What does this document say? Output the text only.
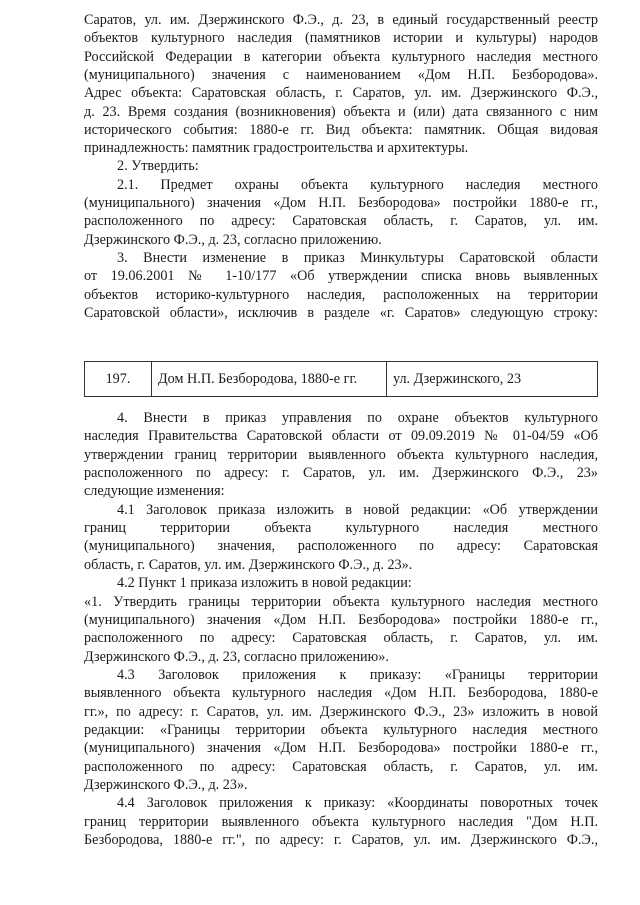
Саратов, ул. им. Дзержинского Ф.Э., д. 23, в единый государственный реестр
объектов культурного наследия (памятников истории и культуры) народов
Российской Федерации в категории объекта культурного наследия местного
(муниципального) значения с наименованием «Дом Н.П. Безбородова».
Адрес объекта: Саратовская область, г. Саратов, ул. им. Дзержинского Ф.Э.,
д. 23. Время создания (возникновения) объекта и (или) дата связанного с ним
исторического события: 1880-е гг. Вид объекта: памятник. Общая видовая
принадлежность: памятник градостроительства и архитектуры.
2. Утвердить:
2.1. Предмет охраны объекта культурного наследия местного
(муниципального) значения «Дом Н.П. Безбородова» постройки 1880-е гг.,
расположенного по адресу: Саратовская область, г. Саратов, ул. им.
Дзержинского Ф.Э., д. 23, согласно приложению.
3. Внести изменение в приказ Минкультуры Саратовской области
от 19.06.2001 № 1-10/177 «Об утверждении списка вновь выявленных
объектов историко-культурного наследия, расположенных на территории
Саратовской области», исключив в разделе «г. Саратов» следующую строку:
197.	Дом Н.П. Безбородова, 1880-е гг.	ул. Дзержинского, 23
4. Внести в приказ управления по охране объектов культурного
наследия Правительства Саратовской области от 09.09.2019 № 01-04/59 «Об
утверждении границ территории выявленного объекта культурного наследия,
расположенного по адресу: г. Саратов, ул. им. Дзержинского Ф.Э., 23»
следующие изменения:
4.1 Заголовок приказа изложить в новой редакции: «Об утверждении
границ территории объекта культурного наследия местного
(муниципального) значения, расположенного по адресу: Саратовская
область, г. Саратов, ул. им. Дзержинского Ф.Э., д. 23».
4.2 Пункт 1 приказа изложить в новой редакции:
«1. Утвердить границы территории объекта культурного наследия местного
(муниципального) значения «Дом Н.П. Безбородова» постройки 1880-е гг.,
расположенного по адресу: Саратовская область, г. Саратов, ул. им.
Дзержинского Ф.Э., д. 23, согласно приложению».
4.3 Заголовок приложения к приказу: «Границы территории
выявленного объекта культурного наследия «Дом Н.П. Безбородова, 1880-е
гг.», по адресу: г. Саратов, ул. им. Дзержинского Ф.Э., 23» изложить в новой
редакции: «Границы территории объекта культурного наследия местного
(муниципального) значения «Дом Н.П. Безбородова» постройки 1880-е гг.,
расположенного по адресу: Саратовская область, г. Саратов, ул. им.
Дзержинского Ф.Э., д. 23».
4.4 Заголовок приложения к приказу: «Координаты поворотных точек
границ территории выявленного объекта культурного наследия "Дом Н.П.
Безбородова, 1880-е гг.", по адресу: г. Саратов, ул. им. Дзержинского Ф.Э.,
